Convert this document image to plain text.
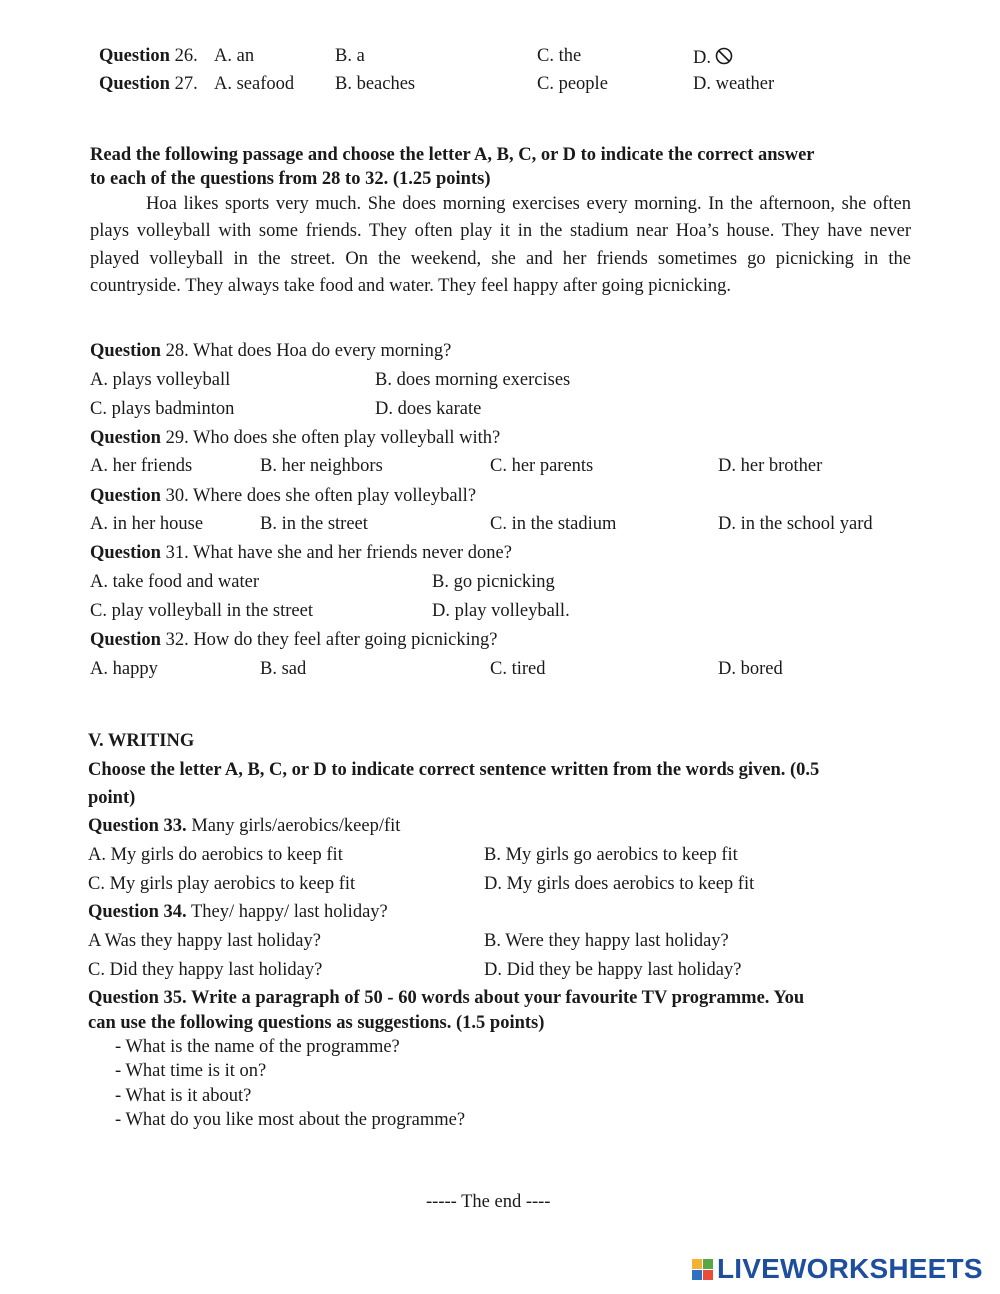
Question 26. A. an	B. a	C. the	D.
Question 27. A. seafood B. beaches	C. people	D. weather
Read the following passage and choose the letter A, B, C, or D to indicate the correct answer
to each of the questions from 28 to 32. (1.25 points)
Hoa likes sports very much. She does morning exercises every morning. In the afternoon, she often plays volleyball with some friends. They often play it in the stadium near Hoa’s house. They have never played volleyball in the street. On the weekend, she and her friends sometimes go picnicking in the countryside. They always take food and water. They feel happy after going picnicking.
Question 28. What does Hoa do every morning?
A. plays volleyball	B. does morning exercises
C. plays badminton	D. does karate
Question 29. Who does she often play volleyball with?
A. her friends	B. her neighbors	C. her parents	D. her brother
Question 30. Where does she often play volleyball?
A. in her house	B. in the street	C. in the stadium	D. in the school yard
Question 31. What have she and her friends never done?
A. take food and water	B. go picnicking
C. play volleyball in the street	D. play volleyball.
Question 32. How do they feel after going picnicking?
A. happy	B. sad	C. tired	D. bored
V. WRITING
Choose the letter A, B, C, or D to indicate correct sentence written from the words given. (0.5
point)
Question 33. Many girls/aerobics/keep/fit
A. My girls do aerobics to keep fit	B. My girls go aerobics to keep fit
C. My girls play aerobics to keep fit	D. My girls does aerobics to keep fit
Question 34. They/ happy/ last holiday?
A Was they happy last holiday?	B. Were they happy last holiday?
C. Did they happy last holiday?	D. Did they be happy last holiday?
Question 35. Write a paragraph of 50 - 60 words about your favourite TV programme. You
can use the following questions as suggestions. (1.5 points)
- What is the name of the programme?
- What time is it on?
- What is it about?
- What do you like most about the programme?
----- The end ----
LIVEWORKSHEETS
